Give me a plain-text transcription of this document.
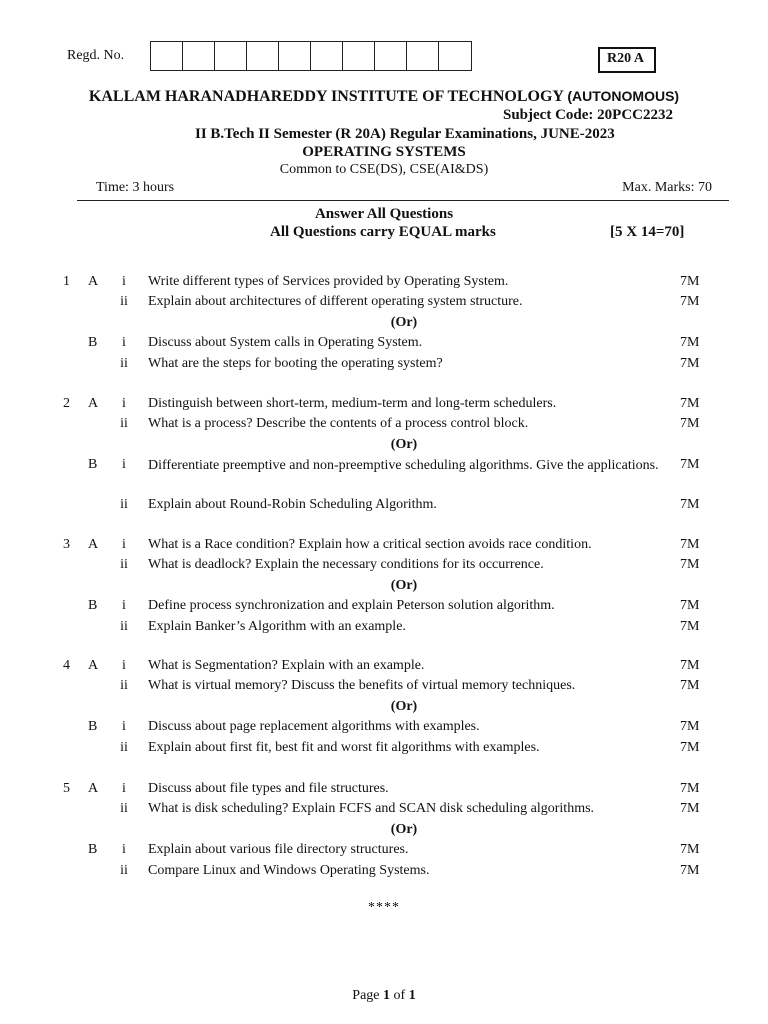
Regd. No.	R20 A
KALLAM HARANADHAREDDY INSTITUTE OF TECHNOLOGY (AUTONOMOUS)
Subject Code: 20PCC2232
II B.Tech II Semester (R 20A) Regular Examinations, JUNE-2023
OPERATING SYSTEMS
Common to CSE(DS), CSE(AI&DS)
Time: 3 hours	Max. Marks: 70
Answer All Questions
All Questions carry EQUAL marks	[5 X 14=70]
1 A	i	Write different types of Services provided by Operating System.	7M
ii	Explain about architectures of different operating system structure.	7M
B	i	Discuss about System calls in Operating System.	7M
ii	What are the steps for booting the operating system?	7M
(Or)
2 A	i	Distinguish between short-term, medium-term and long-term schedulers.	7M
ii	What is a process? Describe the contents of a process control block.	7M
B	i	Differentiate preemptive and non-preemptive scheduling algorithms. Give the applications. 7M
ii	Explain about Round-Robin Scheduling Algorithm.	7M
(Or)
3 A	i	What is a Race condition? Explain how a critical section avoids race condition.	7M
ii	What is deadlock? Explain the necessary conditions for its occurrence.	7M
B	i	Define process synchronization and explain Peterson solution algorithm.	7M
ii	Explain Banker’s Algorithm with an example.	7M
(Or)
4 A	i	What is Segmentation? Explain with an example.	7M
ii	What is virtual memory? Discuss the benefits of virtual memory techniques.	7M
B	i	Discuss about page replacement algorithms with examples.	7M
ii	Explain about first fit, best fit and worst fit algorithms with examples.	7M
(Or)
5 A	i	Discuss about file types and file structures.	7M
ii	What is disk scheduling? Explain FCFS and SCAN disk scheduling algorithms.	7M
B	i	Explain about various file directory structures.	7M
ii	Compare Linux and Windows Operating Systems.	7M
(Or)
****
Page 1 of 1
